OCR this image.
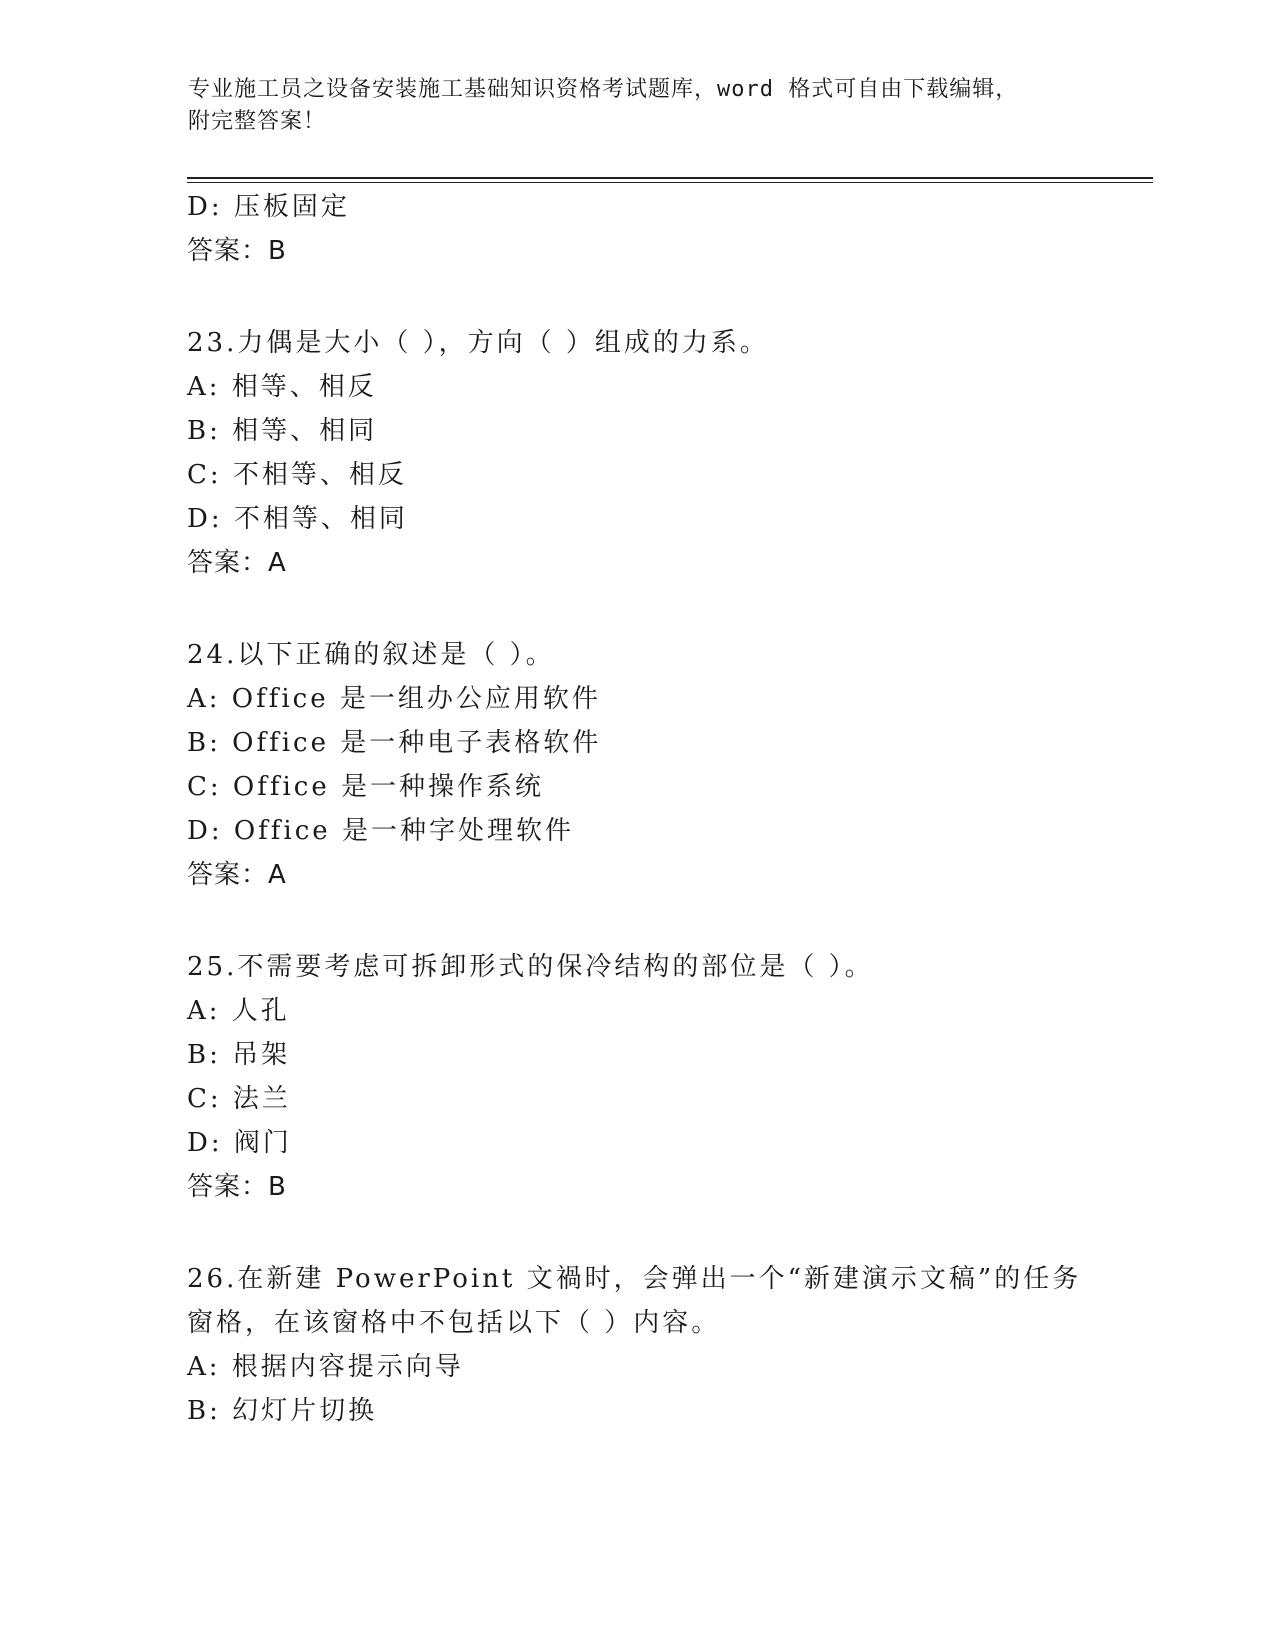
专业施工员之设备安装施工基础知识资格考试题库，word 格式可自由下载编辑，
附完整答案！
D: 压板固定
答案：B
23.力偶是大小（ ），方向（ ）组成的力系。
A: 相等、相反
B: 相等、相同
C: 不相等、相反
D: 不相等、相同
答案：A
24.以下正确的叙述是（ ）。
A: Office 是一组办公应用软件
B: Office 是一种电子表格软件
C: Office 是一种操作系统
D: Office 是一种字处理软件
答案：A
25.不需要考虑可拆卸形式的保冷结构的部位是（ ）。
A: 人孔
B: 吊架
C: 法兰
D: 阀门
答案：B
26.在新建 PowerPoint 文禍时，会弹出一个“新建演示文稿”的任务
窗格，在该窗格中不包括以下（ ）内容。
A: 根据内容提示向导
B: 幻灯片切换
